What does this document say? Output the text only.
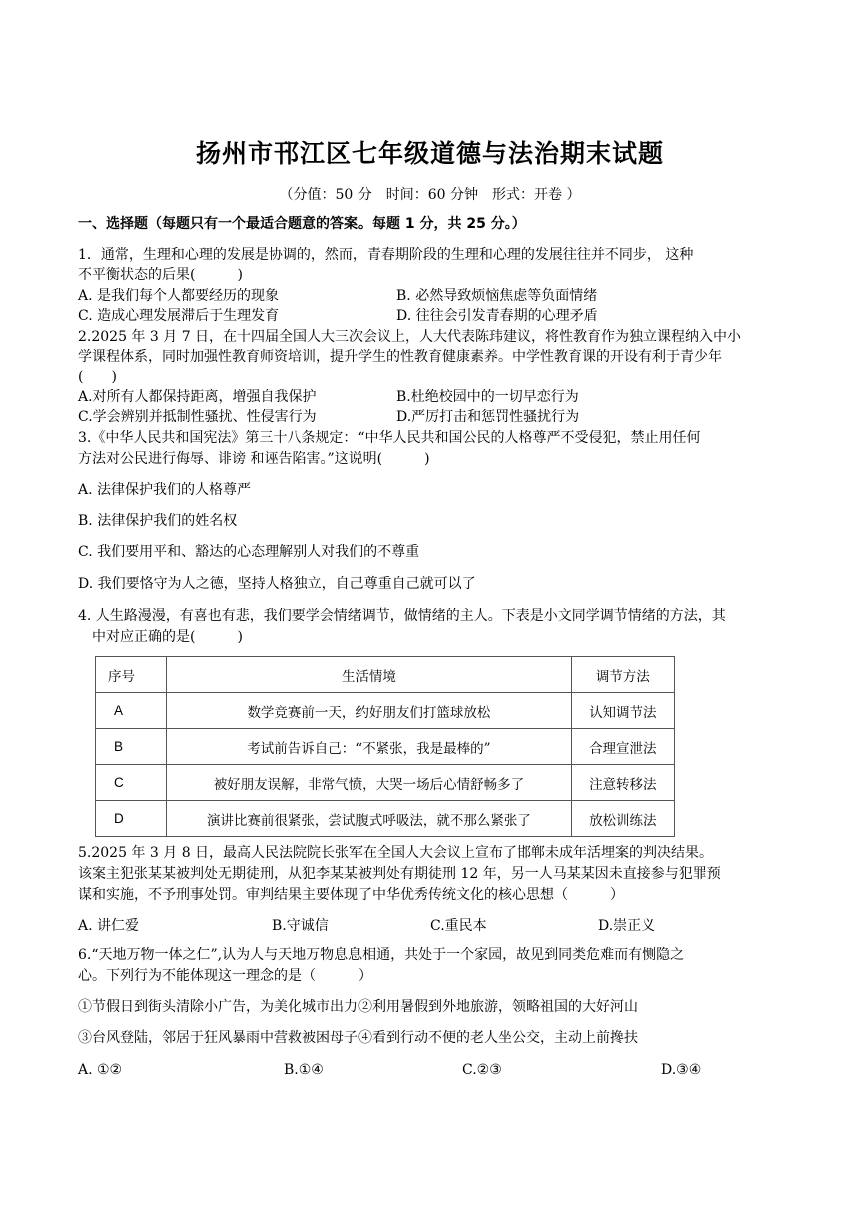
扬州市邗江区七年级道德与法治期末试题
（分值：50 分　时间：60 分钟　形式：开卷 ）
一、选择题（每题只有一个最适合题意的答案。每题 1 分，共 25 分。）
1．通常，生理和心理的发展是协调的，然而，青春期阶段的生理和心理的发展往往并不同步， 这种
不平衡状态的后果(　　　)
A. 是我们每个人都要经历的现象	B. 必然导致烦恼焦虑等负面情绪
C. 造成心理发展滞后于生理发育	D. 往往会引发青春期的心理矛盾
2.2025 年 3 月 7 日，在十四届全国人大三次会议上，人大代表陈玮建议，将性教育作为独立课程纳入中小
学课程体系，同时加强性教育师资培训，提升学生的性教育健康素养。中学性教育课的开设有利于青少年
(　　)
A.对所有人都保持距离，增强自我保护	B.杜绝校园中的一切早恋行为
C.学会辨别并抵制性骚扰、性侵害行为	D.严厉打击和惩罚性骚扰行为
3.《中华人民共和国宪法》第三十八条规定：“中华人民共和国公民的人格尊严不受侵犯，禁止用任何
方法对公民进行侮辱、诽谤 和诬告陷害。”这说明(　　　)
A. 法律保护我们的人格尊严
B. 法律保护我们的姓名权
C. 我们要用平和、豁达的心态理解别人对我们的不尊重
D. 我们要恪守为人之德，坚持人格独立，自己尊重自己就可以了
4. 人生路漫漫，有喜也有悲，我们要学会情绪调节，做情绪的主人。下表是小文同学调节情绪的方法，其
中对应正确的是(　　　)
序号	生活情境	调节方法
A	数学竞赛前一天，约好朋友们打篮球放松	认知调节法
B	考试前告诉自己：“不紧张，我是最棒的”	合理宣泄法
C	被好朋友误解，非常气愤，大哭一场后心情舒畅多了	注意转移法
D	演讲比赛前很紧张，尝试腹式呼吸法，就不那么紧张了	放松训练法
5.2025 年 3 月 8 日，最高人民法院院长张军在全国人大会议上宣布了邯郸未成年活埋案的判决结果。
该案主犯张某某被判处无期徒刑，从犯李某某被判处有期徒刑 12 年，另一人马某某因未直接参与犯罪预
谋和实施，不予刑事处罚。审判结果主要体现了中华优秀传统文化的核心思想（　　　）
A. 讲仁爱	B.守诚信	C.重民本	D.崇正义
6.“天地万物一体之仁”,认为人与天地万物息息相通，共处于一个家园，故见到同类危难而有恻隐之
心。下列行为不能体现这一理念的是（　　　）
①节假日到街头清除小广告，为美化城市出力②利用暑假到外地旅游，领略祖国的大好河山
③台风登陆，邻居于狂风暴雨中营救被困母子④看到行动不便的老人坐公交，主动上前搀扶
A. ①②	B.①④	C.②③	D.③④
